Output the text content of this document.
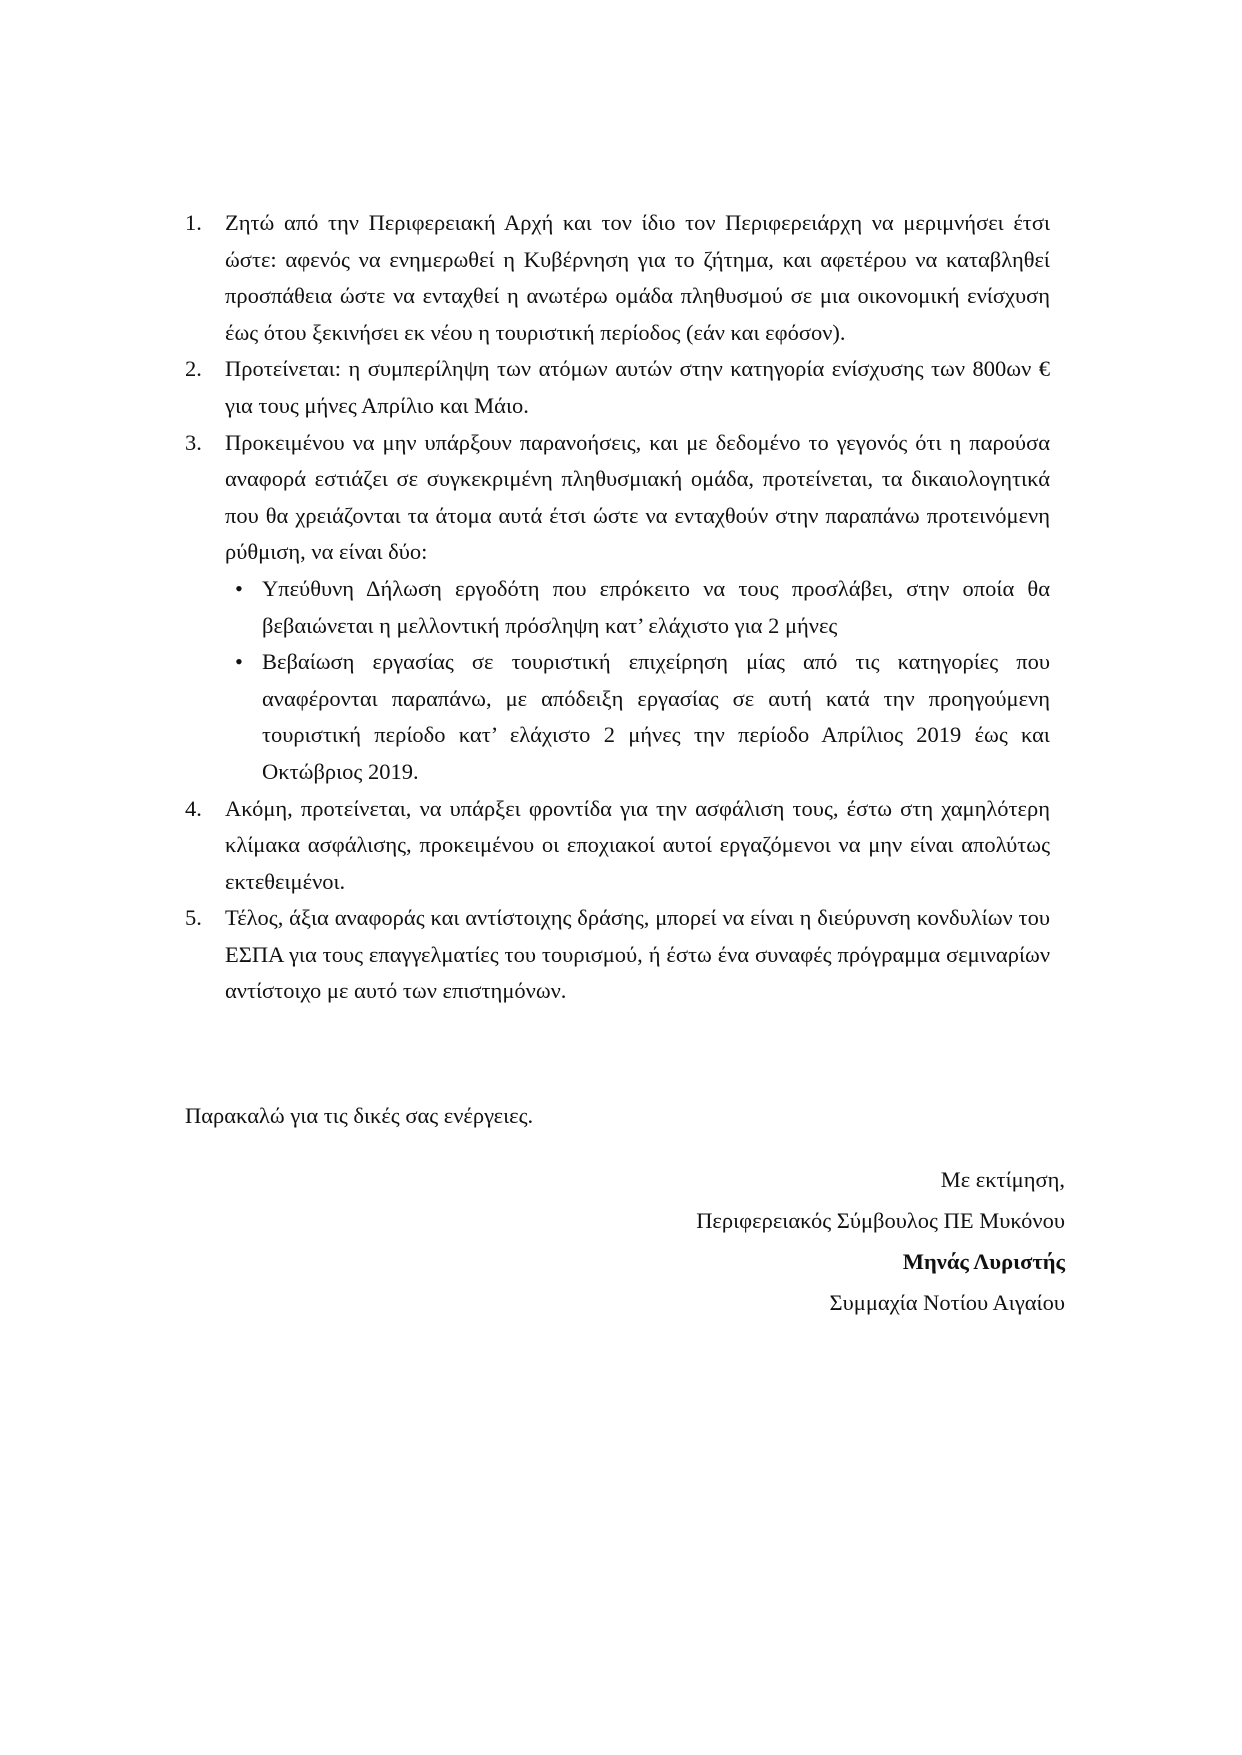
1. Ζητώ από την Περιφερειακή Αρχή και τον ίδιο τον Περιφερειάρχη να μεριμνήσει έτσι ώστε: αφενός να ενημερωθεί η Κυβέρνηση για το ζήτημα, και αφετέρου να καταβληθεί προσπάθεια ώστε να ενταχθεί η ανωτέρω ομάδα πληθυσμού σε μια οικονομική ενίσχυση έως ότου ξεκινήσει εκ νέου η τουριστική περίοδος (εάν και εφόσον).
2. Προτείνεται: η συμπερίληψη των ατόμων αυτών στην κατηγορία ενίσχυσης των 800ων € για τους μήνες Απρίλιο και Μάιο.
3. Προκειμένου να μην υπάρξουν παρανοήσεις, και με δεδομένο το γεγονός ότι η παρούσα αναφορά εστιάζει σε συγκεκριμένη πληθυσμιακή ομάδα, προτείνεται, τα δικαιολογητικά που θα χρειάζονται τα άτομα αυτά έτσι ώστε να ενταχθούν στην παραπάνω προτεινόμενη ρύθμιση, να είναι δύο:
• Υπεύθυνη Δήλωση εργοδότη που επρόκειτο να τους προσλάβει, στην οποία θα βεβαιώνεται η μελλοντική πρόσληψη κατ’ ελάχιστο για 2 μήνες
• Βεβαίωση εργασίας σε τουριστική επιχείρηση μίας από τις κατηγορίες που αναφέρονται παραπάνω, με απόδειξη εργασίας σε αυτή κατά την προηγούμενη τουριστική περίοδο κατ’ ελάχιστο 2 μήνες την περίοδο Απρίλιος 2019 έως και Οκτώβριος 2019.
4. Ακόμη, προτείνεται, να υπάρξει φροντίδα για την ασφάλιση τους, έστω στη χαμηλότερη κλίμακα ασφάλισης, προκειμένου οι εποχιακοί αυτοί εργαζόμενοι να μην είναι απολύτως εκτεθειμένοι.
5. Τέλος, άξια αναφοράς και αντίστοιχης δράσης, μπορεί να είναι η διεύρυνση κονδυλίων του ΕΣΠΑ για τους επαγγελματίες του τουρισμού, ή έστω ένα συναφές πρόγραμμα σεμιναρίων αντίστοιχο με αυτό των επιστημόνων.
Παρακαλώ για τις δικές σας ενέργειες.
Με εκτίμηση,
Περιφερειακός Σύμβουλος ΠΕ Μυκόνου
Μηνάς Λυριστής
Συμμαχία Νοτίου Αιγαίου
